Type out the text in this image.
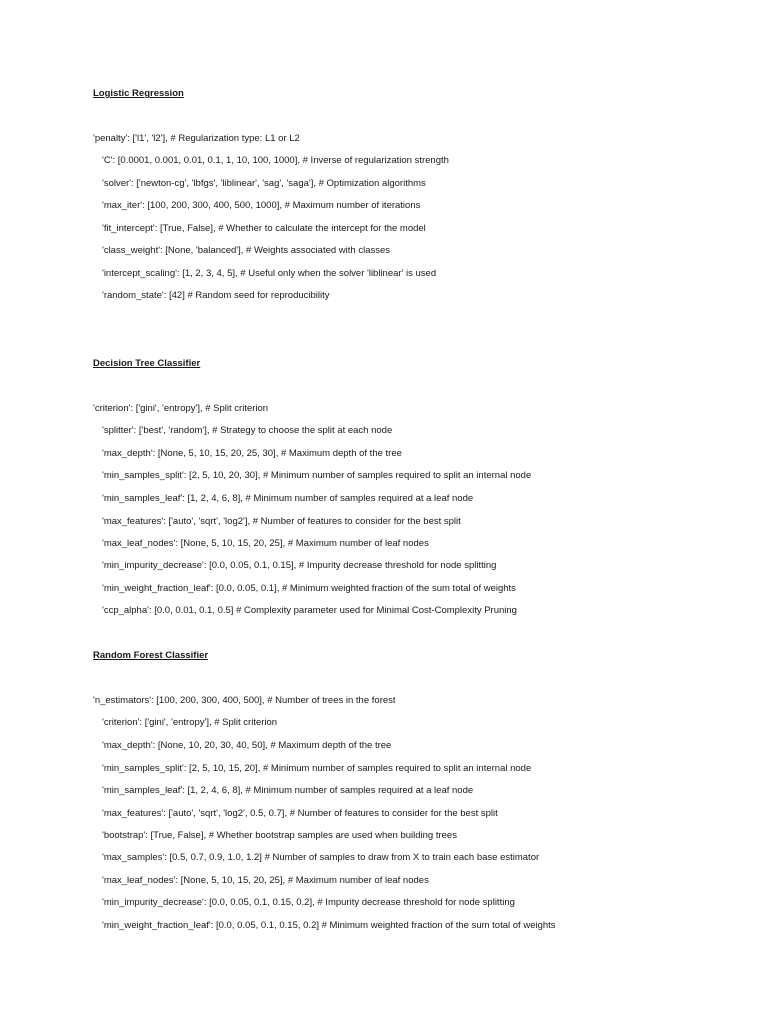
Logistic Regression
'penalty': ['l1', 'l2'], # Regularization type: L1 or L2
'C': [0.0001, 0.001, 0.01, 0.1, 1, 10, 100, 1000], # Inverse of regularization strength
'solver': ['newton-cg', 'lbfgs', 'liblinear', 'sag', 'saga'], # Optimization algorithms
'max_iter': [100, 200, 300, 400, 500, 1000], # Maximum number of iterations
'fit_intercept': [True, False], # Whether to calculate the intercept for the model
'class_weight': [None, 'balanced'], # Weights associated with classes
'intercept_scaling': [1, 2, 3, 4, 5], # Useful only when the solver 'liblinear' is used
'random_state': [42] # Random seed for reproducibility
Decision Tree Classifier
'criterion': ['gini', 'entropy'], # Split criterion
'splitter': ['best', 'random'], # Strategy to choose the split at each node
'max_depth': [None, 5, 10, 15, 20, 25, 30], # Maximum depth of the tree
'min_samples_split': [2, 5, 10, 20, 30], # Minimum number of samples required to split an internal node
'min_samples_leaf': [1, 2, 4, 6, 8], # Minimum number of samples required at a leaf node
'max_features': ['auto', 'sqrt', 'log2'], # Number of features to consider for the best split
'max_leaf_nodes': [None, 5, 10, 15, 20, 25], # Maximum number of leaf nodes
'min_impurity_decrease': [0.0, 0.05, 0.1, 0.15], # Impurity decrease threshold for node splitting
'min_weight_fraction_leaf': [0.0, 0.05, 0.1], # Minimum weighted fraction of the sum total of weights
'ccp_alpha': [0.0, 0.01, 0.1, 0.5] # Complexity parameter used for Minimal Cost-Complexity Pruning
Random Forest Classifier
'n_estimators': [100, 200, 300, 400, 500], # Number of trees in the forest
'criterion': ['gini', 'entropy'], # Split criterion
'max_depth': [None, 10, 20, 30, 40, 50], # Maximum depth of the tree
'min_samples_split': [2, 5, 10, 15, 20], # Minimum number of samples required to split an internal node
'min_samples_leaf': [1, 2, 4, 6, 8], # Minimum number of samples required at a leaf node
'max_features': ['auto', 'sqrt', 'log2', 0.5, 0.7], # Number of features to consider for the best split
'bootstrap': [True, False], # Whether bootstrap samples are used when building trees
'max_samples': [0.5, 0.7, 0.9, 1.0, 1.2] # Number of samples to draw from X to train each base estimator
'max_leaf_nodes': [None, 5, 10, 15, 20, 25], # Maximum number of leaf nodes
'min_impurity_decrease': [0.0, 0.05, 0.1, 0.15, 0.2], # Impurity decrease threshold for node splitting
'min_weight_fraction_leaf': [0.0, 0.05, 0.1, 0.15, 0.2] # Minimum weighted fraction of the sum total of weights
